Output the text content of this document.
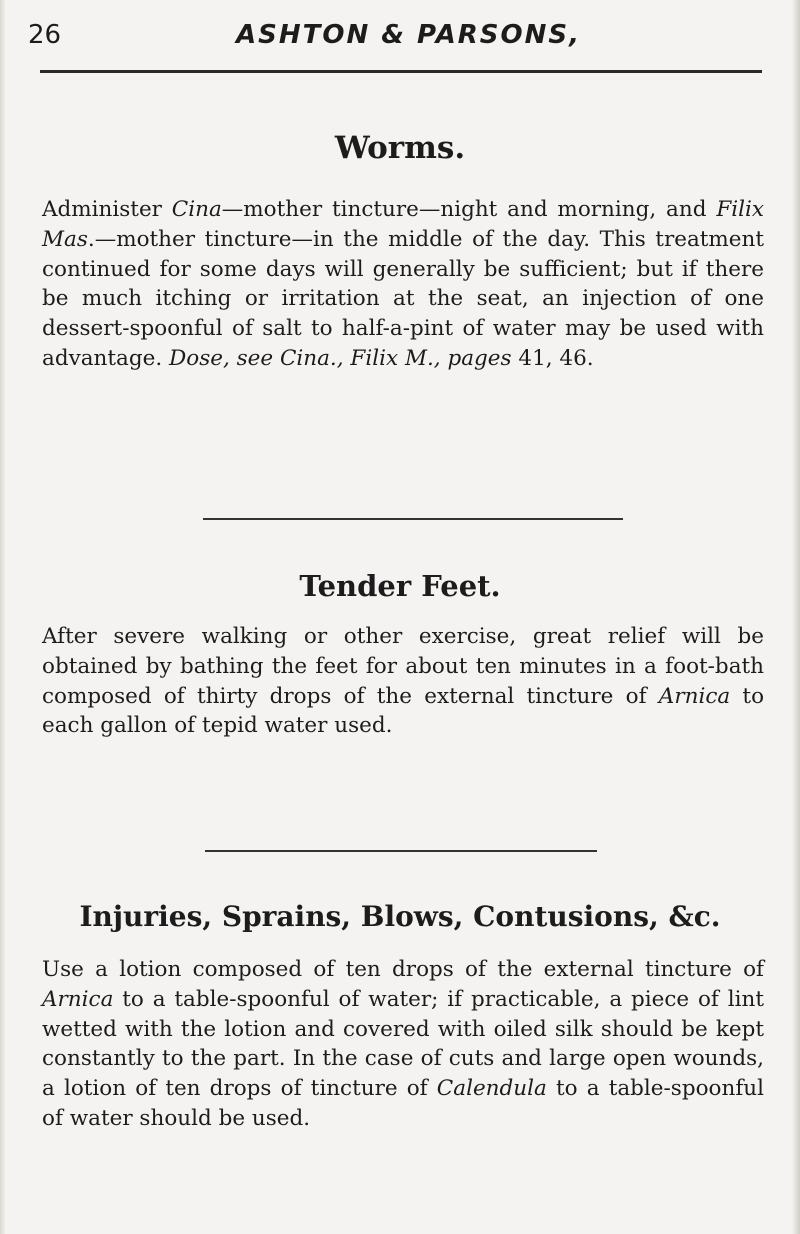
26	ASHTON & PARSONS,
Worms.

Administer Cina—mother tincture—night and morning, and Filix Mas.—mother tincture—in the middle of the day. This treatment continued for some days will generally be sufficient; but if there be much itching or irritation at the seat, an injection of one dessert-spoonful of salt to half-a-pint of water may be used with advantage. Dose, see Cina., Filix M., pages 41, 46.

Tender Feet.

After severe walking or other exercise, great relief will be obtained by bathing the feet for about ten minutes in a foot-bath composed of thirty drops of the external tincture of Arnica to each gallon of tepid water used.

Injuries, Sprains, Blows, Contusions, &c.

Use a lotion composed of ten drops of the external tincture of Arnica to a table-spoonful of water; if practicable, a piece of lint wetted with the lotion and covered with oiled silk should be kept constantly to the part. In the case of cuts and large open wounds, a lotion of ten drops of tincture of Calendula to a table-spoonful of water should be used.
